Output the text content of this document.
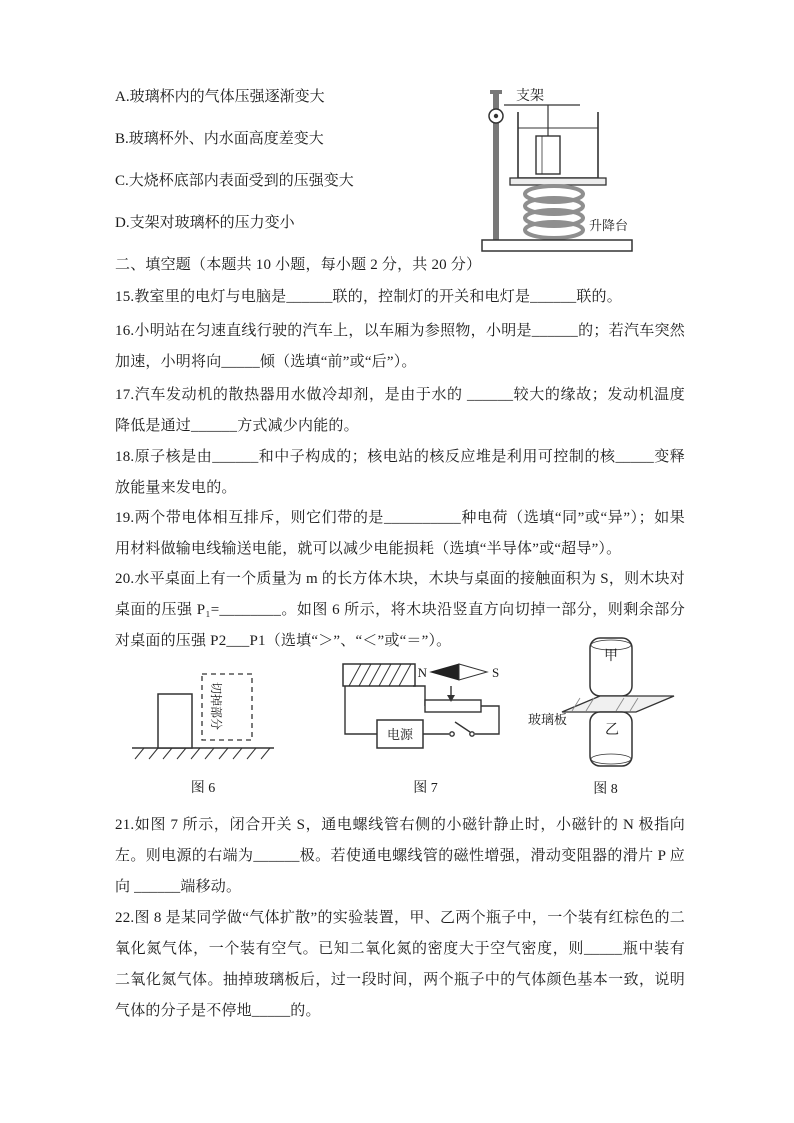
A.玻璃杯内的气体压强逐渐变大

B.玻璃杯外、内水面高度差变大

C.大烧杯底部内表面受到的压强变大

D.支架对玻璃杯的压力变小

支架
升降台

二、填空题（本题共 10 小题，每小题 2 分，共 20 分）

15.教室里的电灯与电脑是______联的，控制灯的开关和电灯是______联的。

16.小明站在匀速直线行驶的汽车上，以车厢为参照物，小明是______的；若汽车突然加速，小明将向_____倾（选填“前”或“后”）。

17.汽车发动机的散热器用水做冷却剂，是由于水的 ______较大的缘故；发动机温度降低是通过______方式减少内能的。

18.原子核是由______和中子构成的；核电站的核反应堆是利用可控制的核_____变释放能量来发电的。

19.两个带电体相互排斥，则它们带的是__________种电荷（选填“同”或“异”）；如果用材料做输电线输送电能，就可以减少电能损耗（选填“半导体”或“超导”）。

20.水平桌面上有一个质量为 m 的长方体木块，木块与桌面的接触面积为 S，则木块对桌面的压强 P₁=________。如图 6 所示，将木块沿竖直方向切掉一部分，则剩余部分对桌面的压强 P2___P1（选填“＞”、“＜”或“＝”）。

切掉部分
图 6
N	S
电源
图 7
甲
玻璃板
乙
图 8

21.如图 7 所示，闭合开关 S，通电螺线管右侧的小磁针静止时，小磁针的 N 极指向左。则电源的右端为______极。若使通电螺线管的磁性增强，滑动变阻器的滑片 P 应向 ______端移动。

22.图 8 是某同学做“气体扩散”的实验装置，甲、乙两个瓶子中，一个装有红棕色的二氧化氮气体，一个装有空气。已知二氧化氮的密度大于空气密度，则_____瓶中装有二氧化氮气体。抽掉玻璃板后，过一段时间，两个瓶子中的气体颜色基本一致，说明气体的分子是不停地_____的。
